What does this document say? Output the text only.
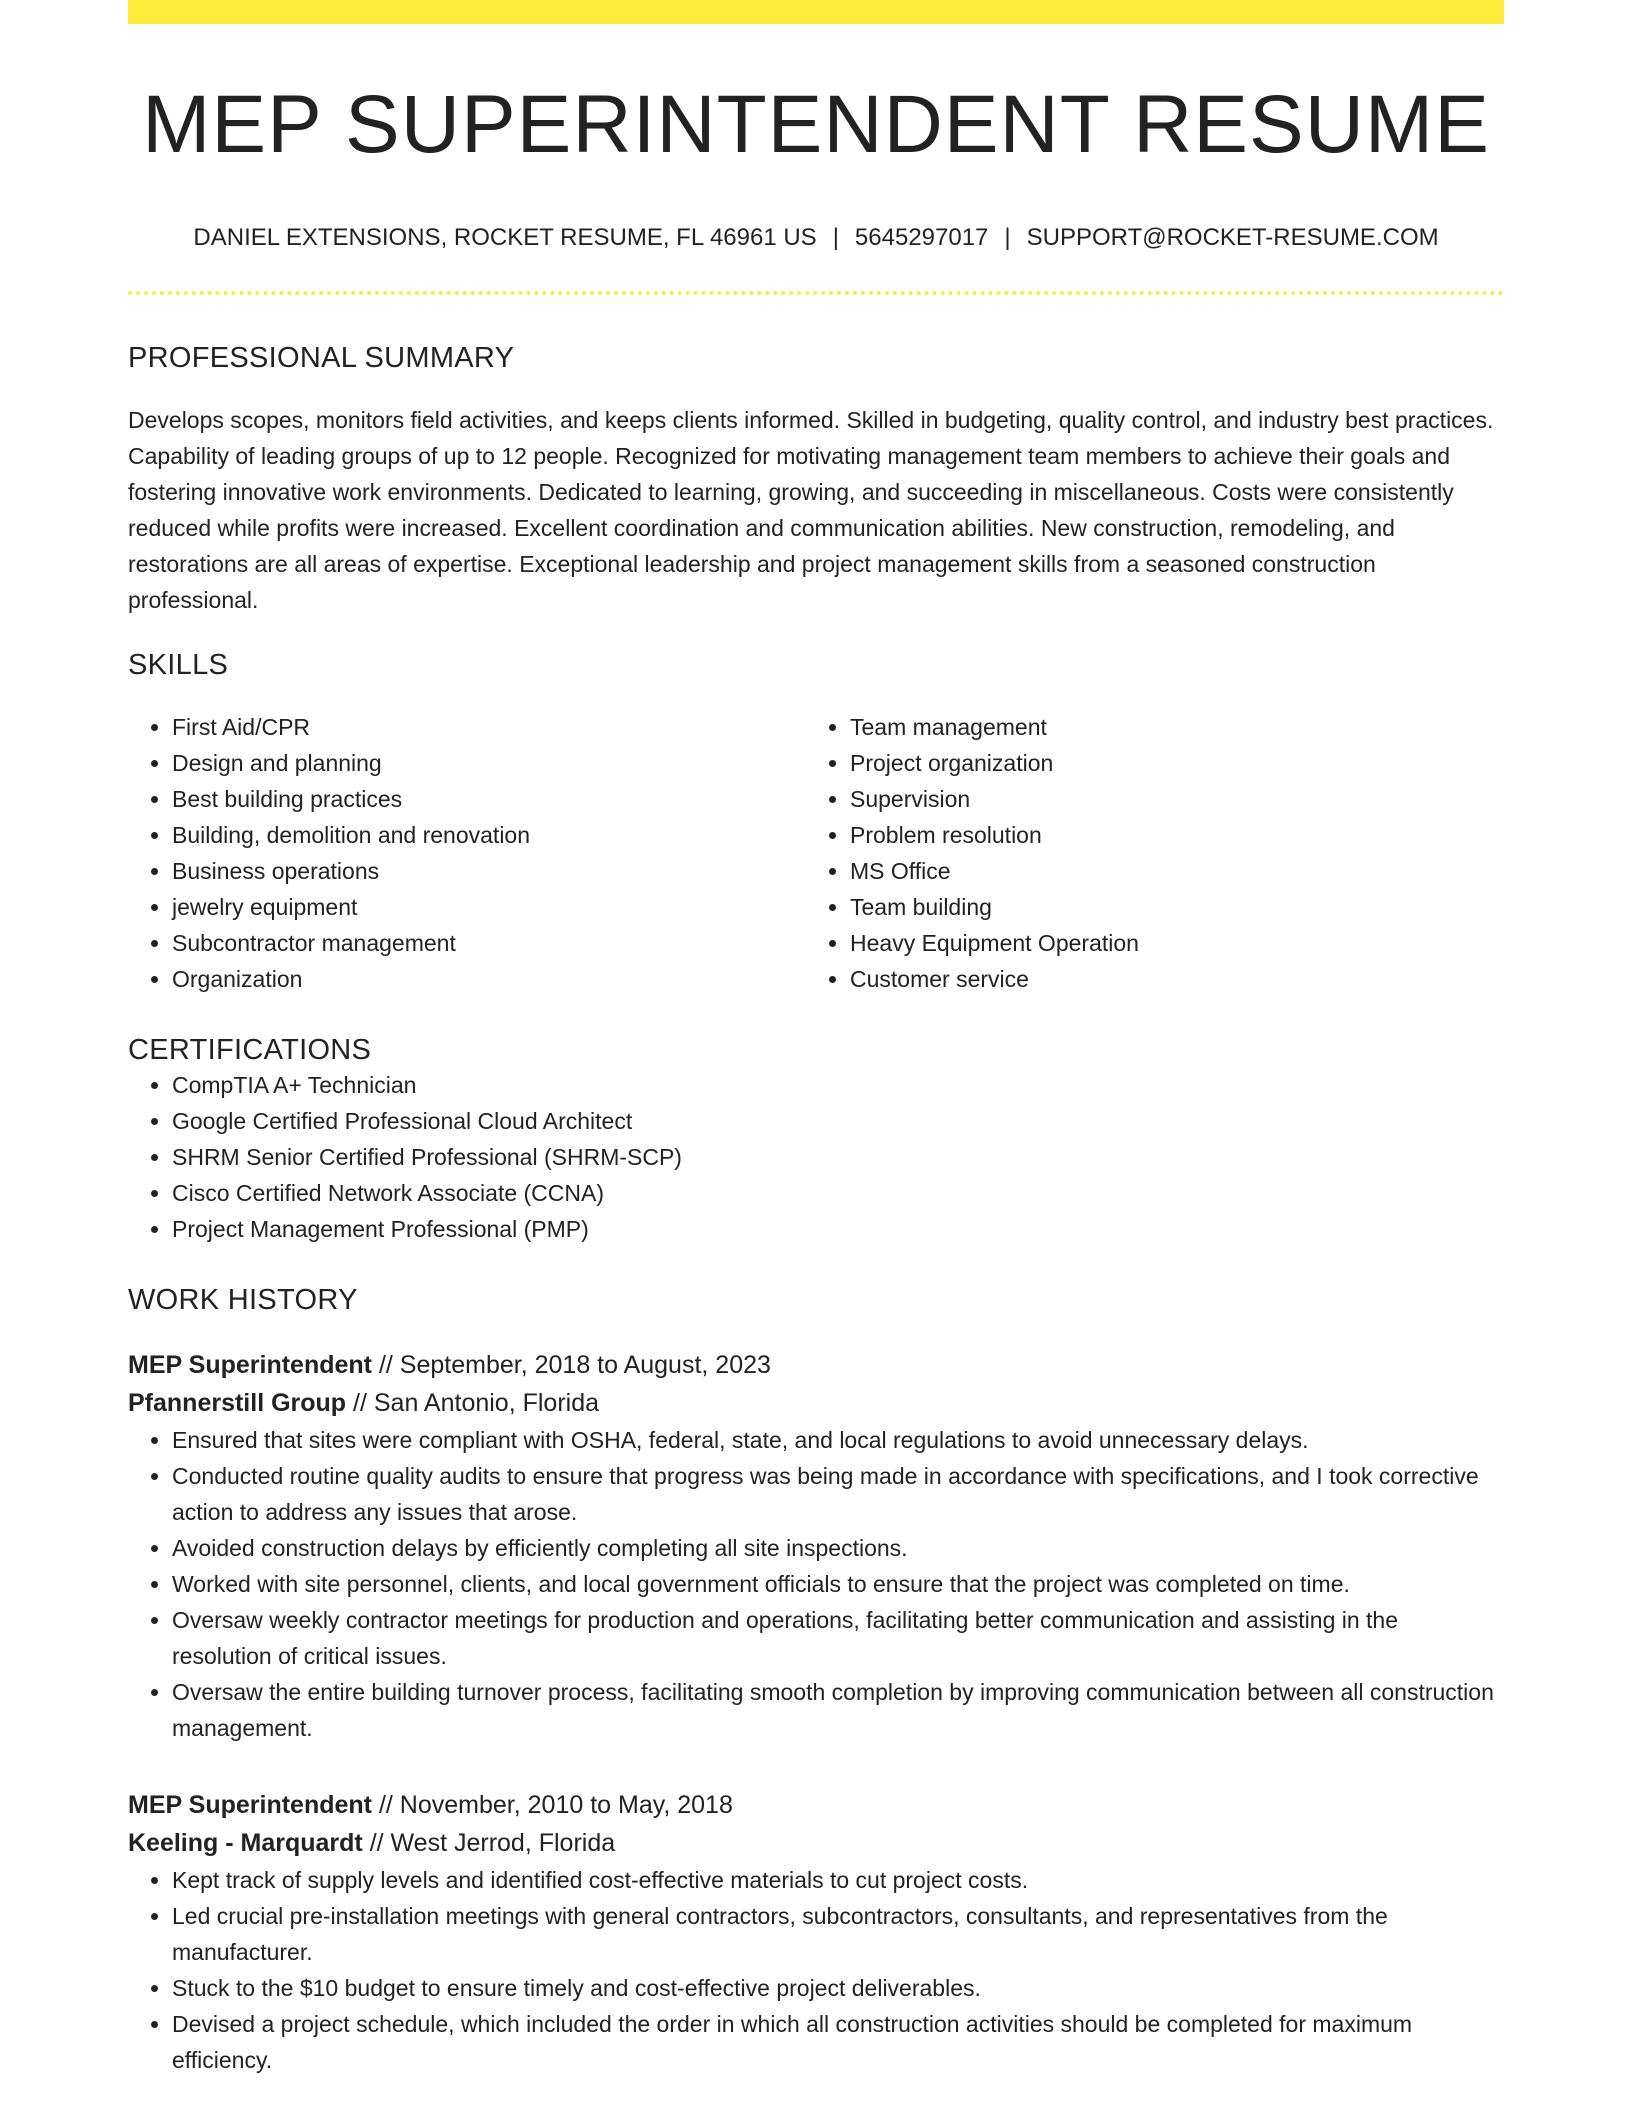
MEP SUPERINTENDENT RESUME
DANIEL EXTENSIONS, ROCKET RESUME, FL 46961 US | 5645297017 | SUPPORT@ROCKET-RESUME.COM
PROFESSIONAL SUMMARY
Develops scopes, monitors field activities, and keeps clients informed. Skilled in budgeting, quality control, and industry best practices. Capability of leading groups of up to 12 people. Recognized for motivating management team members to achieve their goals and fostering innovative work environments. Dedicated to learning, growing, and succeeding in miscellaneous. Costs were consistently reduced while profits were increased. Excellent coordination and communication abilities. New construction, remodeling, and restorations are all areas of expertise. Exceptional leadership and project management skills from a seasoned construction professional.
SKILLS
• First Aid/CPR
• Design and planning
• Best building practices
• Building, demolition and renovation
• Business operations
• jewelry equipment
• Subcontractor management
• Organization
• Team management
• Project organization
• Supervision
• Problem resolution
• MS Office
• Team building
• Heavy Equipment Operation
• Customer service
CERTIFICATIONS
• CompTIA A+ Technician
• Google Certified Professional Cloud Architect
• SHRM Senior Certified Professional (SHRM-SCP)
• Cisco Certified Network Associate (CCNA)
• Project Management Professional (PMP)
WORK HISTORY
MEP Superintendent // September, 2018 to August, 2023
Pfannerstill Group // San Antonio, Florida
• Ensured that sites were compliant with OSHA, federal, state, and local regulations to avoid unnecessary delays.
• Conducted routine quality audits to ensure that progress was being made in accordance with specifications, and I took corrective action to address any issues that arose.
• Avoided construction delays by efficiently completing all site inspections.
• Worked with site personnel, clients, and local government officials to ensure that the project was completed on time.
• Oversaw weekly contractor meetings for production and operations, facilitating better communication and assisting in the resolution of critical issues.
• Oversaw the entire building turnover process, facilitating smooth completion by improving communication between all construction management.
MEP Superintendent // November, 2010 to May, 2018
Keeling - Marquardt // West Jerrod, Florida
• Kept track of supply levels and identified cost-effective materials to cut project costs.
• Led crucial pre-installation meetings with general contractors, subcontractors, consultants, and representatives from the manufacturer.
• Stuck to the $10 budget to ensure timely and cost-effective project deliverables.
• Devised a project schedule, which included the order in which all construction activities should be completed for maximum efficiency.
